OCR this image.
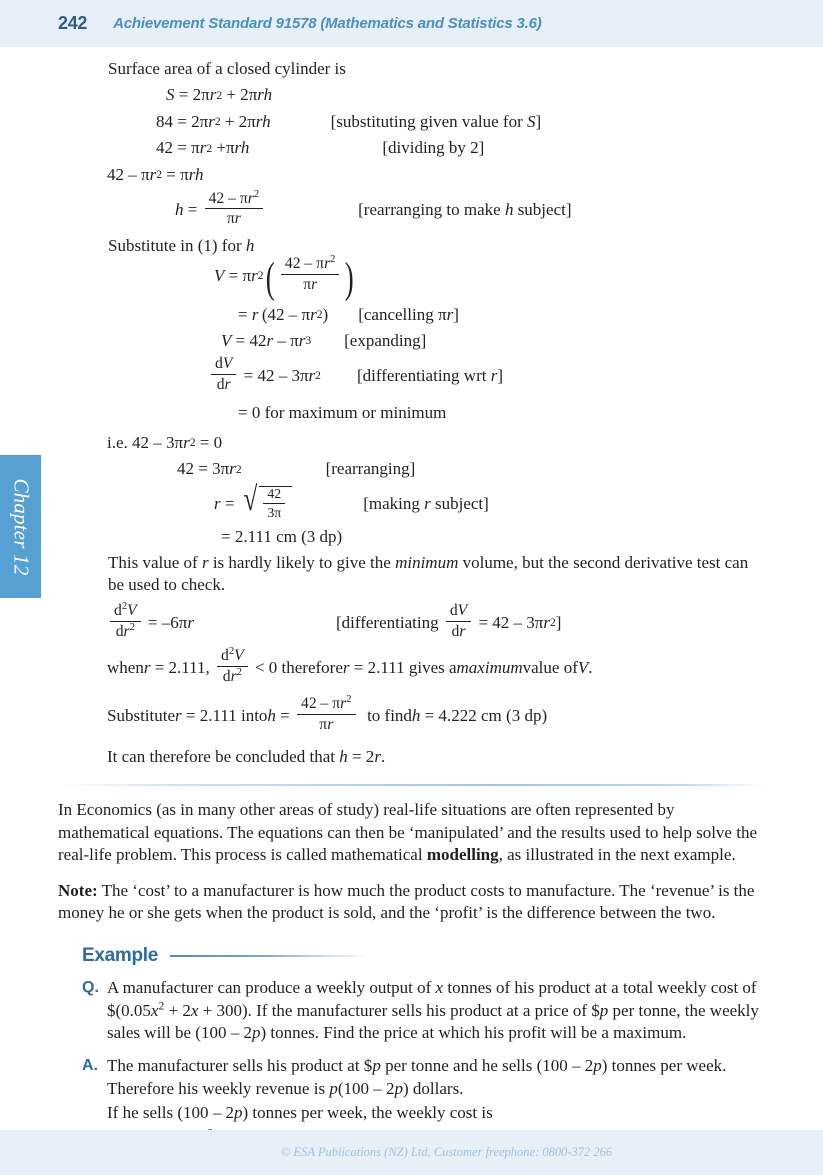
242 Achievement Standard 91578 (Mathematics and Statistics 3.6)
Chapter 12
Surface area of a closed cylinder is
S = 2 π r 2 + 2 π rh
84 = 2 π r 2 + 2 π rh	[substituting given value for S]
42 = π r 2 + π rh	[dividing by 2]
42 – π r 2 = π rh
$h = \frac{42 - \pi r^2}{\pi r}$	[rearranging to make h subject]
Substitute in (1) for h
V = π r 2 ( $\frac{42 - \pi r^2}{\pi r}$ )
= r  (42 – π r 2 ) [cancelling πr]
V = 42 r – π r 3 [expanding]
$\frac{dV}{dr} = 42 - 3$ π r 2 [differentiating wrt r]
= 0 for maximum or minimum
i.e. 42 – 3 π r 2 = 0
42 = 3 π r 2	[rearranging]
r = √ $\frac{42}{3\pi}$	[making r subject]
= 2.111 cm (3 dp)
This value of r is hardly likely to give the minimum volume, but the second derivative test can be used to check.
$\frac{d^2V}{dr^2} = -6$ π r	[differentiating $\frac{dV}{dr} = 42 - 3$ π r 2 ]
when r = 2.111, $\frac{d^2V}{dr^2} < 0$ therefore r = 2.111 gives a maximum value of V .
Substitute r = 2.111 into $h = \frac{42 - \pi r^2}{\pi r}$ to find h = 4.222 cm (3 dp)
It can therefore be concluded that h = 2 r .

In Economics (as in many other areas of study) real-life situations are often represented by mathematical equations. The equations can then be ‘manipulated’ and the results used to help solve the real-life problem. This process is called mathematical modelling, as illustrated in the next example.

Note: The ‘cost’ to a manufacturer is how much the product costs to manufacture. The ‘revenue’ is the money he or she gets when the product is sold, and the ‘profit’ is the difference between the two.

Example
Q. A manufacturer can produce a weekly output of x tonnes of his product at a total weekly cost of $\$(0.05x^2 + 2x + 300)$. If the manufacturer sells his product at a price of $p per tonne, the weekly sales will be (100 – 2p) tonnes. Find the price at which his profit will be a maximum.

A. The manufacturer sells his product at $p per tonne and he sells (100 – 2p) tonnes per week. Therefore his weekly revenue is p(100 – 2p) dollars.

If he sells (100 – 2p) tonnes per week, the weekly cost is

© ESA Publications (NZ) Ltd, Customer freephone: 0800-372 266
